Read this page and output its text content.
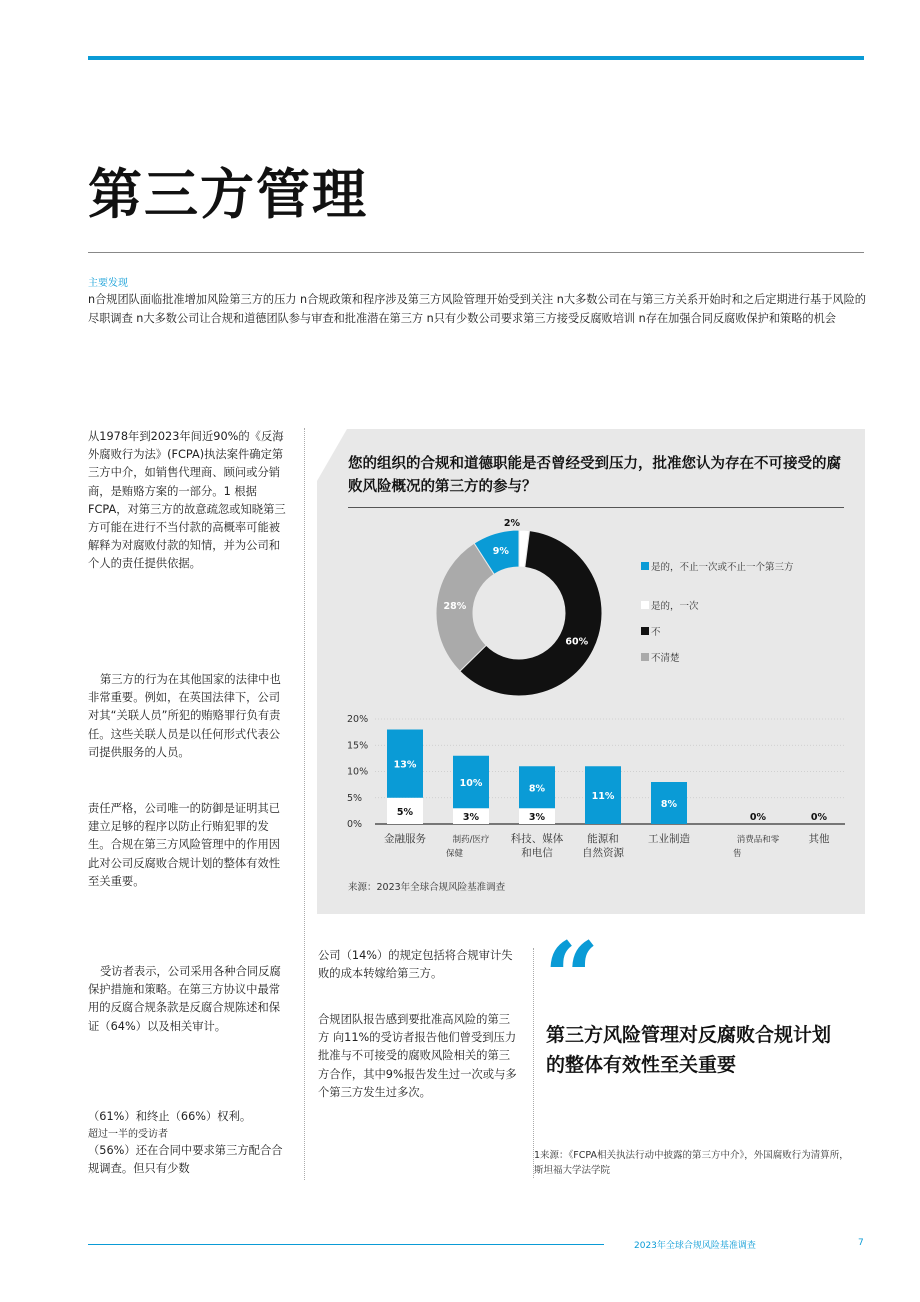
第三方管理
主要发现
n合规团队面临批准增加风险第三方的压力 n合规政策和程序涉及第三方风险管理开始受到关注 n大多数公司在与第三方关系开始时和之后定期进行基于风险的尽职调查 n大多数公司让合规和道德团队参与审查和批准潜在第三方 n只有少数公司要求第三方接受反腐败培训 n存在加强合同反腐败保护和策略的机会
从1978年到2023年间近90%的《反海外腐败行为法》(FCPA)执法案件确定第三方中介，如销售代理商、顾问或分销商，是贿赂方案的一部分。1 根据FCPA，对第三方的故意疏忽或知晓第三方可能在进行不当付款的高概率可能被解释为对腐败付款的知情，并为公司和个人的责任提供依据。
第三方的行为在其他国家的法律中也非常重要。例如，在英国法律下，公司对其“关联人员”所犯的贿赂罪行负有责任。这些关联人员是以任何形式代表公司提供服务的人员。
责任严格，公司唯一的防御是证明其已建立足够的程序以防止行贿犯罪的发生。合规在第三方风险管理中的作用因此对公司反腐败合规计划的整体有效性至关重要。
受访者表示，公司采用各种合同反腐保护措施和策略。在第三方协议中最常用的反腐合规条款是反腐合规陈述和保证（64%）以及相关审计。
（61%）和终止（66%）权利。
超过一半的受访者
（56%）还在合同中要求第三方配合合规调查。但只有少数
公司（14%）的规定包括将合规审计失败的成本转嫁给第三方。
合规团队报告感到要批准高风险的第三方 向11%的受访者报告他们曾受到压力批准与不可接受的腐败风险相关的第三方合作，其中9%报告发生过一次或与多个第三方发生过多次。
您的组织的合规和道德职能是否曾经受到压力，批准您认为存在不可接受的腐败风险概况的第三方的参与？
2%
60%
28%
9%
0%
5%
10%
15%
20%
13%
5%
金融服务
10%
3%
制药/医疗
保健
8%
3%
科技、媒体
和电信
11%
能源和
自然资源
8%
工业制造
0%
消费品和零
售
0%
其他
是的，不止一次或不止一个第三方
是的，一次
不
不清楚
来源：2023年全球合规风险基准调查
“
第三方风险管理对反腐败合规计划的整体有效性至关重要
1来源：《FCPA相关执法行动中披露的第三方中介》，外国腐败行为清算所，斯坦福大学法学院
2023年全球合规风险基准调查	7
